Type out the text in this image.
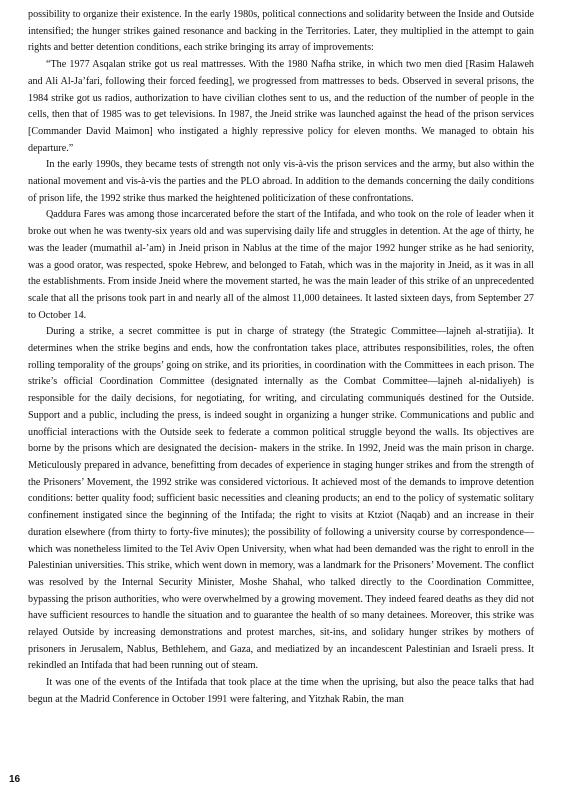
possibility to organize their existence. In the early 1980s, political connections and solidarity between the Inside and Outside intensified; the hunger strikes gained resonance and backing in the Territories. Later, they multiplied in the attempt to gain rights and better detention conditions, each strike bringing its array of improvements:

“The 1977 Asqalan strike got us real mattresses. With the 1980 Nafha strike, in which two men died [Rasim Halaweh and Ali Al-Ja’fari, following their forced feeding], we progressed from mattresses to beds. Observed in several prisons, the 1984 strike got us radios, authorization to have civilian clothes sent to us, and the reduction of the number of people in the cells, then that of 1985 was to get televisions. In 1987, the Jneid strike was launched against the head of the prison services [Commander David Maimon] who instigated a highly repressive policy for eleven months. We managed to obtain his departure.”

In the early 1990s, they became tests of strength not only vis-à-vis the prison services and the army, but also within the national movement and vis-à-vis the parties and the PLO abroad. In addition to the demands concerning the daily conditions of prison life, the 1992 strike thus marked the heightened politicization of these confrontations.

Qaddura Fares was among those incarcerated before the start of the Intifada, and who took on the role of leader when it broke out when he was twenty-six years old and was supervising daily life and struggles in detention. At the age of thirty, he was the leader (mumathil al-’am) in Jneid prison in Nablus at the time of the major 1992 hunger strike as he had seniority, was a good orator, was respected, spoke Hebrew, and belonged to Fatah, which was in the majority in Jneid, as it was in all the establishments. From inside Jneid where the movement started, he was the main leader of this strike of an unprecedented scale that all the prisons took part in and nearly all of the almost 11,000 detainees. It lasted sixteen days, from September 27 to October 14.

During a strike, a secret committee is put in charge of strategy (the Strategic Committee—lajneh al-stratijia). It determines when the strike begins and ends, how the confrontation takes place, attributes responsibilities, roles, the often rolling temporality of the groups’ going on strike, and its priorities, in coordination with the Committees in each prison. The strike’s official Coordination Committee (designated internally as the Combat Committee—lajneh al-nidaliyeh) is responsible for the daily decisions, for negotiating, for writing, and circulating communiqués destined for the Outside. Support and a public, including the press, is indeed sought in organizing a hunger strike. Communications and public and unofficial interactions with the Outside seek to federate a common political struggle beyond the walls. Its objectives are borne by the prisons which are designated the decision- makers in the strike. In 1992, Jneid was the main prison in charge. Meticulously prepared in advance, benefitting from decades of experience in staging hunger strikes and from the strength of the Prisoners’ Movement, the 1992 strike was considered victorious. It achieved most of the demands to improve detention conditions: better quality food; sufficient basic necessities and cleaning products; an end to the policy of systematic solitary confinement instigated since the beginning of the Intifada; the right to visits at Ktziot (Naqab) and an increase in their duration elsewhere (from thirty to forty-five minutes); the possibility of following a university course by correspondence—which was nonetheless limited to the Tel Aviv Open University, when what had been demanded was the right to enroll in the Palestinian universities. This strike, which went down in memory, was a landmark for the Prisoners’ Movement. The conflict was resolved by the Internal Security Minister, Moshe Shahal, who talked directly to the Coordination Committee, bypassing the prison authorities, who were overwhelmed by a growing movement. They indeed feared deaths as they did not have sufficient resources to handle the situation and to guarantee the health of so many detainees. Moreover, this strike was relayed Outside by increasing demonstrations and protest marches, sit-ins, and solidary hunger strikes by mothers of prisoners in Jerusalem, Nablus, Bethlehem, and Gaza, and mediatized by an incandescent Palestinian and Israeli press. It rekindled an Intifada that had been running out of steam.

It was one of the events of the Intifada that took place at the time when the uprising, but also the peace talks that had begun at the Madrid Conference in October 1991 were faltering, and Yitzhak Rabin, the man

16
